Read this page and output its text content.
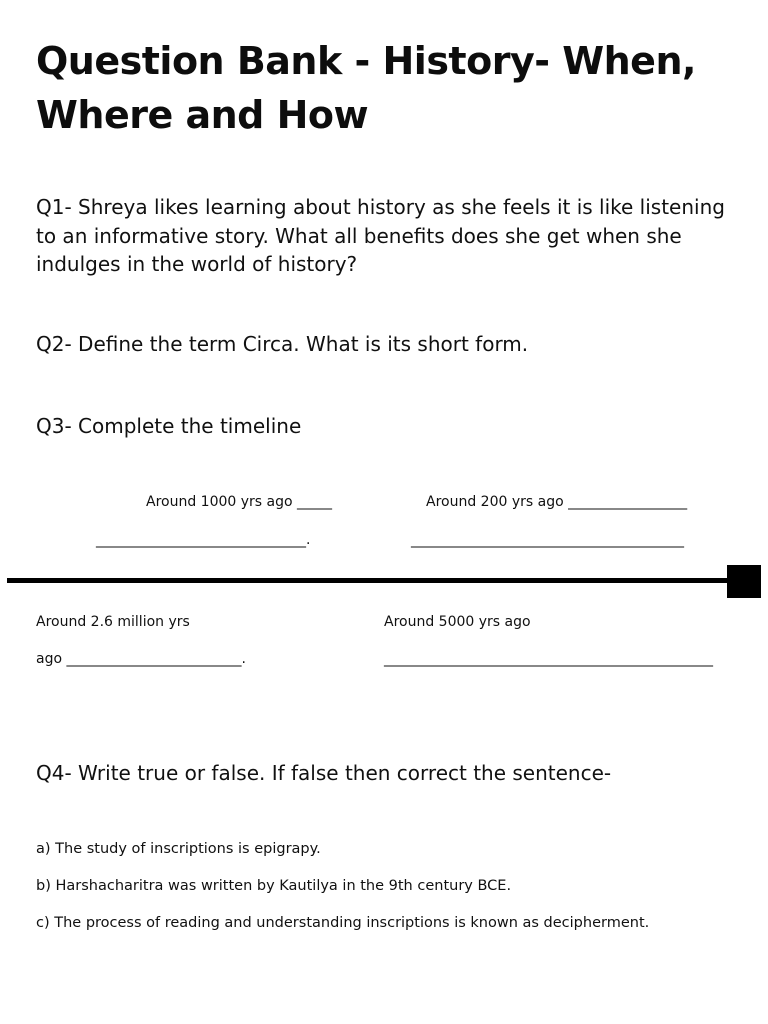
Question Bank - History- When, Where and How

Q1- Shreya likes learning about history as she feels it is like listening to an informative story. What all benefits does she get when she indulges in the world of history?

Q2- Define the term Circa. What is its short form.

Q3- Complete the timeline

Around 1000 yrs ago _____

______________________________.

Around 200 yrs ago _________________

_______________________________________

Around 2.6 million yrs

ago _________________________.

Around 5000 yrs ago

_______________________________________________

Q4- Write true or false. If false then correct the sentence-

a) The study of inscriptions is epigrapy.

b) Harshacharitra was written by Kautilya in the 9th century BCE.

c) The process of reading and understanding inscriptions is known as decipherment.
